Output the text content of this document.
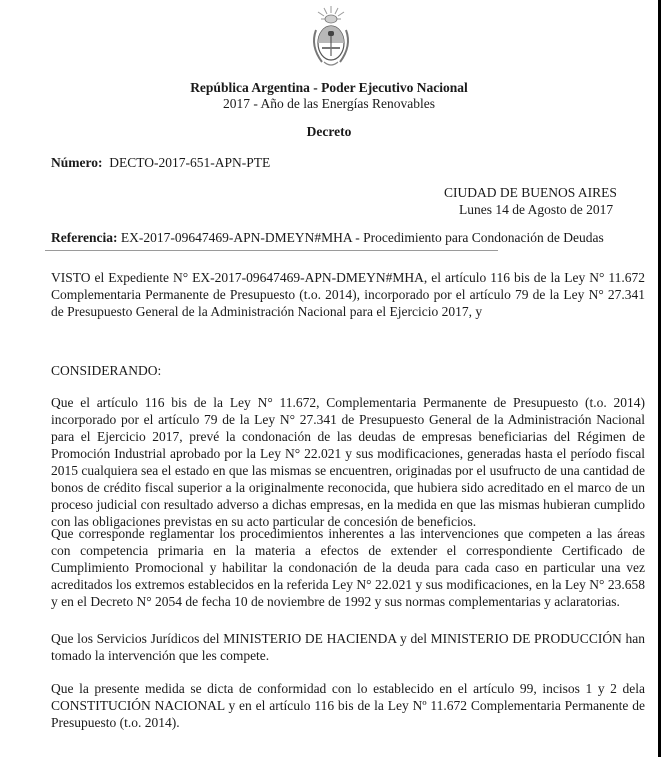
República Argentina - Poder Ejecutivo Nacional
2017 - Año de las Energías Renovables
Decreto
Número: DECTO-2017-651-APN-PTE
CIUDAD DE BUENOS AIRES
Lunes 14 de Agosto de 2017
Referencia: EX-2017-09647469-APN-DMEYN#MHA - Procedimiento para Condonación de Deudas
VISTO el Expediente N° EX-2017-09647469-APN-DMEYN#MHA, el artículo 116 bis de la Ley N° 11.672 Complementaria Permanente de Presupuesto (t.o. 2014), incorporado por el artículo 79 de la Ley N° 27.341 de Presupuesto General de la Administración Nacional para el Ejercicio 2017, y
CONSIDERANDO:
Que el artículo 116 bis de la Ley N° 11.672, Complementaria Permanente de Presupuesto (t.o. 2014) incorporado por el artículo 79 de la Ley N° 27.341 de Presupuesto General de la Administración Nacional para el Ejercicio 2017, prevé la condonación de las deudas de empresas beneficiarias del Régimen de Promoción Industrial aprobado por la Ley N° 22.021 y sus modificaciones, generadas hasta el período fiscal 2015 cualquiera sea el estado en que las mismas se encuentren, originadas por el usufructo de una cantidad de bonos de crédito fiscal superior a la originalmente reconocida, que hubiera sido acreditado en el marco de un proceso judicial con resultado adverso a dichas empresas, en la medida en que las mismas hubieran cumplido con las obligaciones previstas en su acto particular de concesión de beneficios.
Que corresponde reglamentar los procedimientos inherentes a las intervenciones que competen a las áreas con competencia primaria en la materia a efectos de extender el correspondiente Certificado de Cumplimiento Promocional y habilitar la condonación de la deuda para cada caso en particular una vez acreditados los extremos establecidos en la referida Ley N° 22.021 y sus modificaciones, en la Ley N° 23.658 y en el Decreto N° 2054 de fecha 10 de noviembre de 1992 y sus normas complementarias y aclaratorias.
Que los Servicios Jurídicos del MINISTERIO DE HACIENDA y del MINISTERIO DE PRODUCCIÓN han tomado la intervención que les compete.
Que la presente medida se dicta de conformidad con lo establecido en el artículo 99, incisos 1 y 2 dela CONSTITUCIÓN NACIONAL y en el artículo 116 bis de la Ley Nº 11.672 Complementaria Permanente de Presupuesto (t.o. 2014).
